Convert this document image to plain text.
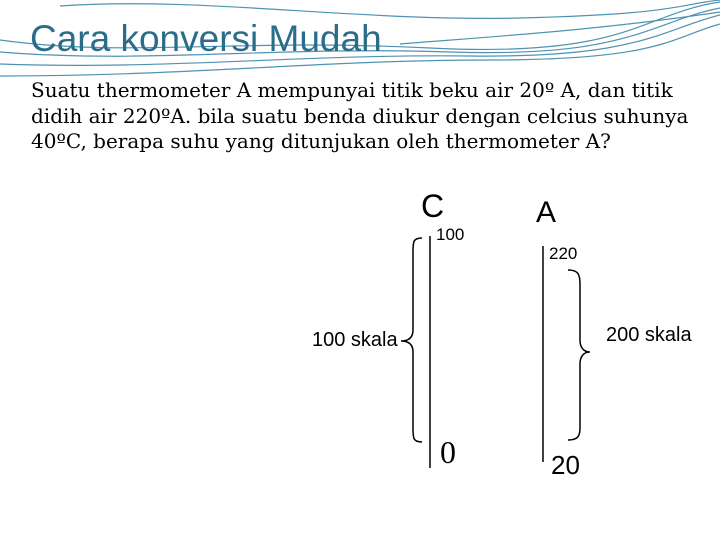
Cara konversi Mudah

Suatu thermometer A mempunyai titik beku air 20º A, dan titik didih air 220ºA. bila suatu benda diukur dengan celcius suhunya 40ºC, berapa suhu yang ditunjukan oleh thermometer A?

C	A
100
220
0	20
100 skala	200 skala
